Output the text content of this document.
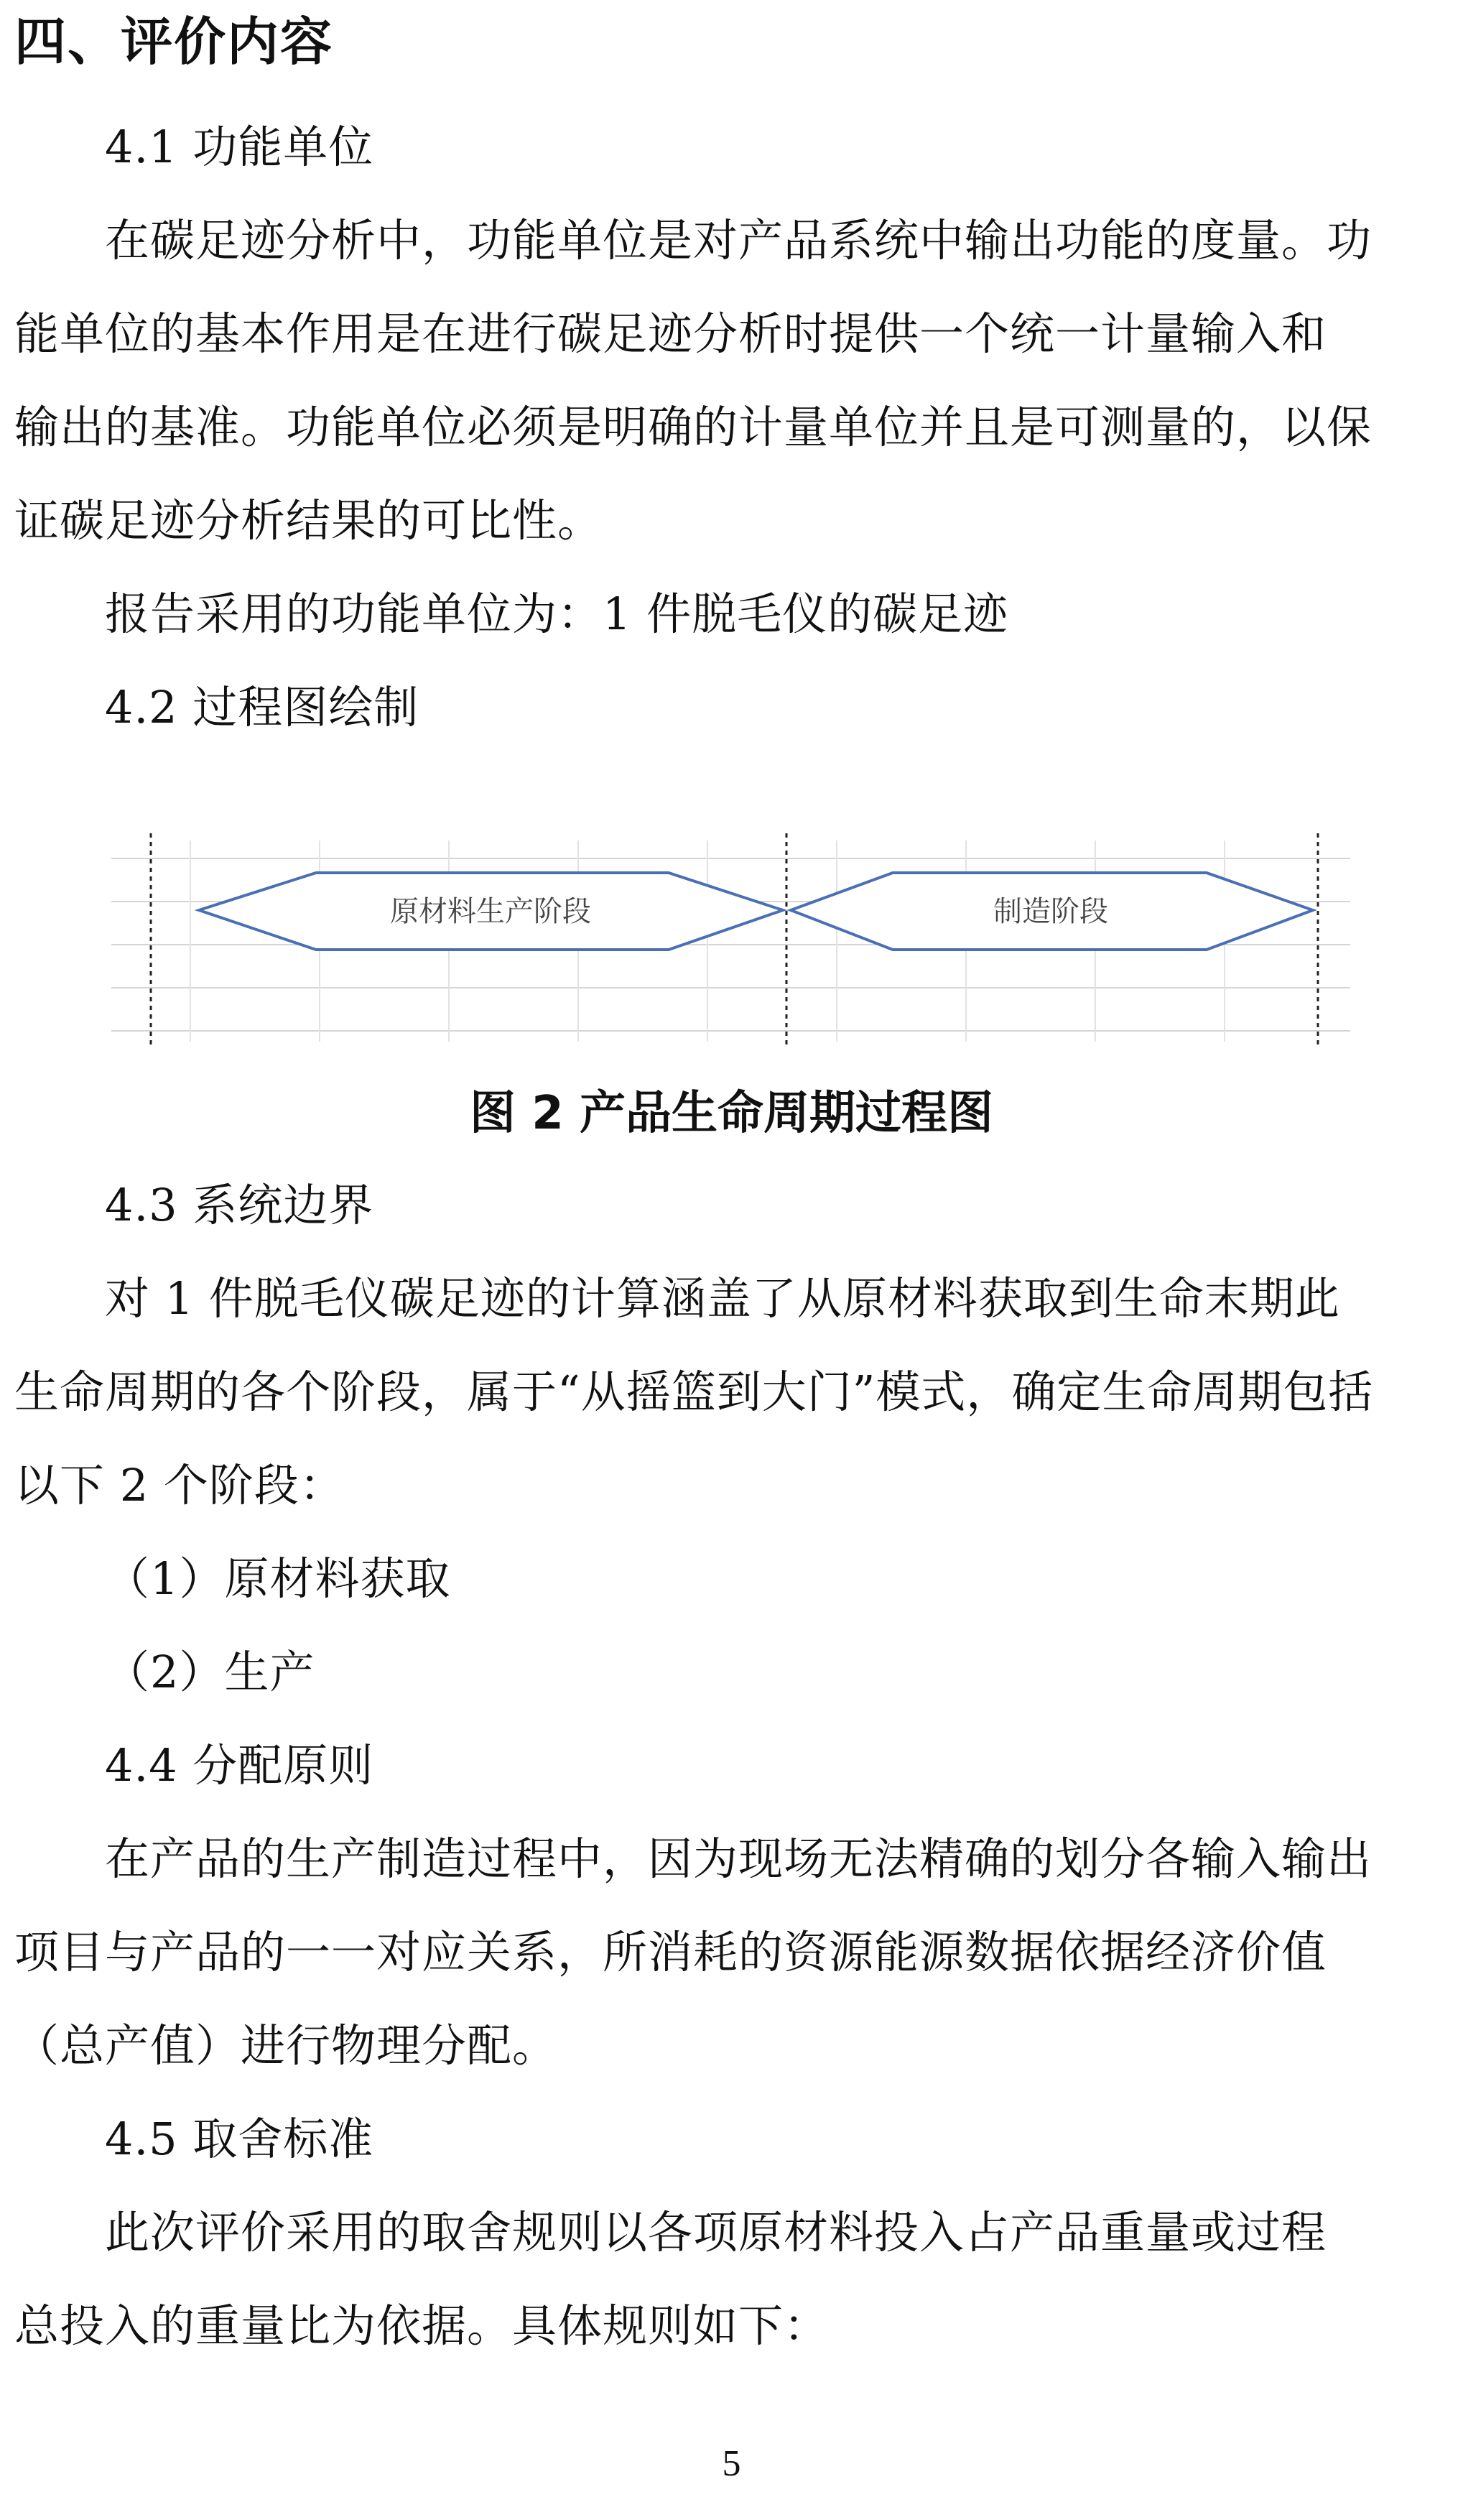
四、评价内容
4.1 功能单位
在碳足迹分析中，功能单位是对产品系统中输出功能的度量。功
能单位的基本作用是在进行碳足迹分析时提供一个统一计量输入和
输出的基准。功能单位必须是明确的计量单位并且是可测量的，以保
证碳足迹分析结果的可比性。
报告采用的功能单位为：1 件脱毛仪的碳足迹
4.2 过程图绘制
原材料生产阶段	制造阶段
图 2 产品生命周期过程图
4.3 系统边界
对 1 件脱毛仪碳足迹的计算涵盖了从原材料获取到生命末期此
生命周期的各个阶段，属于“从摇篮到大门”模式，确定生命周期包括
以下 2 个阶段：
（1）原材料获取
（2）生产
4.4 分配原则
在产品的生产制造过程中，因为现场无法精确的划分各输入输出
项目与产品的一一对应关系，所消耗的资源能源数据依据经济价值
（总产值）进行物理分配。
4.5 取舍标准
此次评价采用的取舍规则以各项原材料投入占产品重量或过程
总投入的重量比为依据。具体规则如下：
5
